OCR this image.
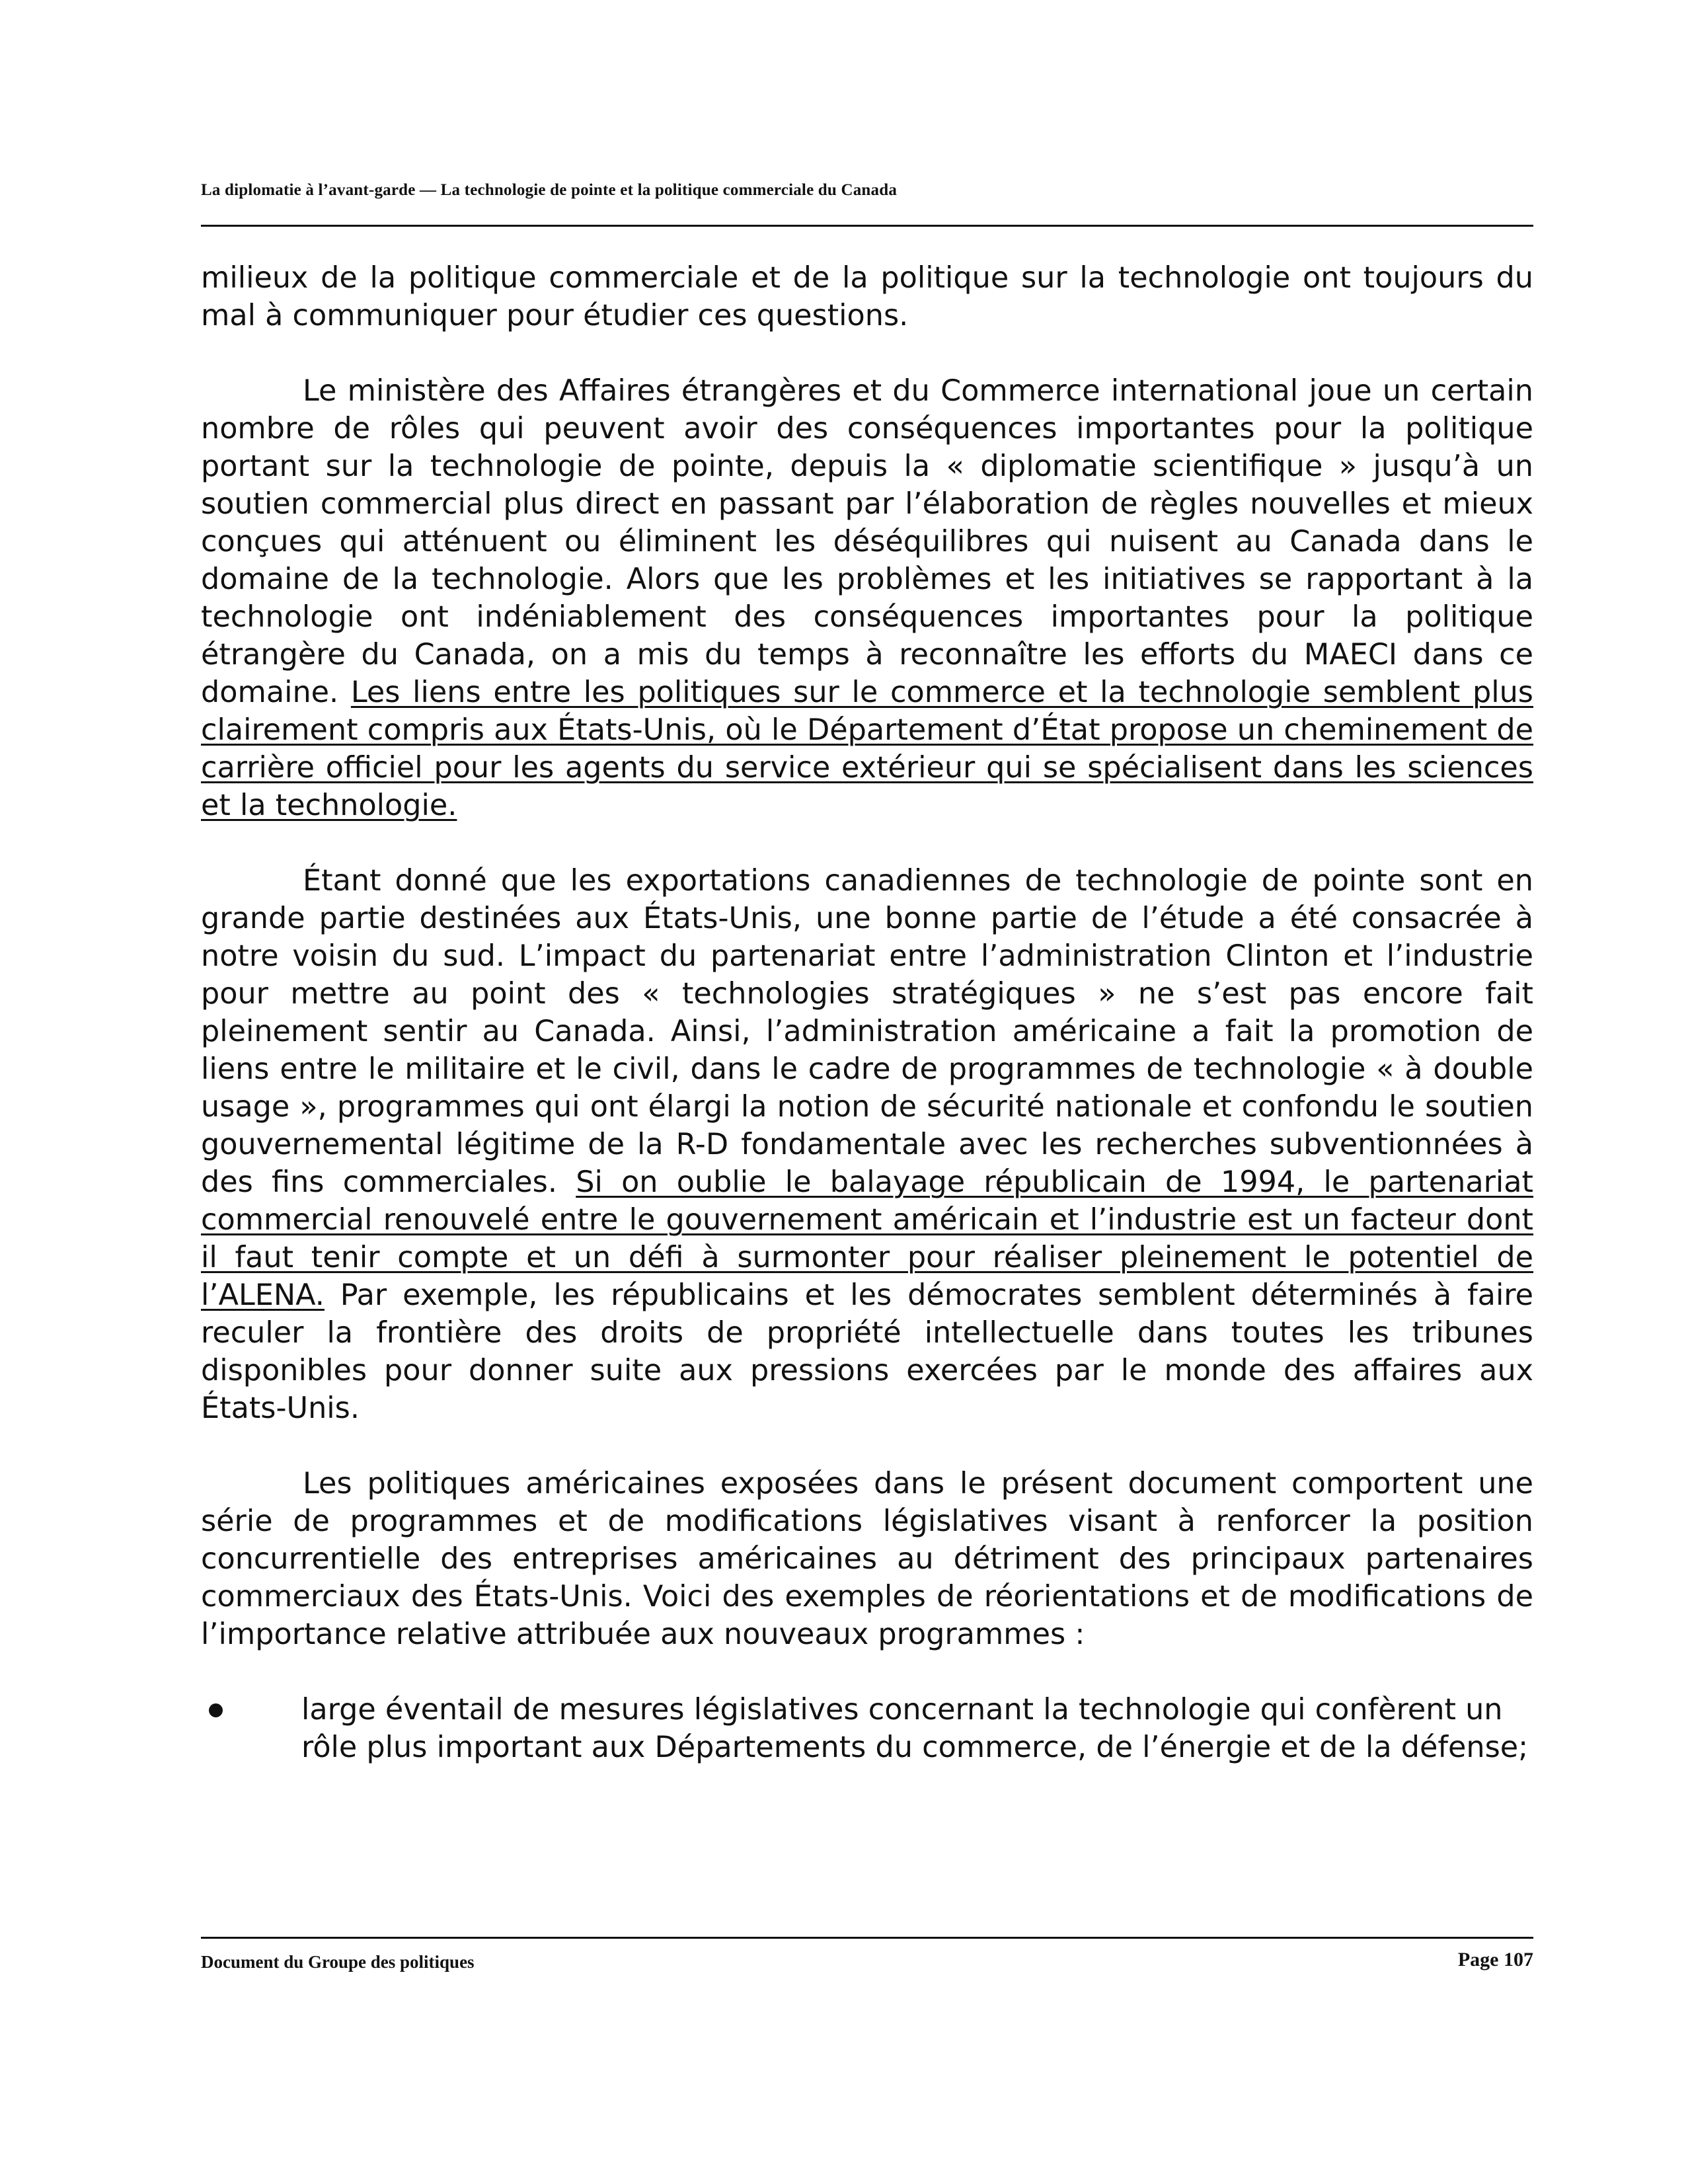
La diplomatie à l’avant-garde — La technologie de pointe et la politique commerciale du Canada

milieux de la politique commerciale et de la politique sur la technologie ont toujours du mal à communiquer pour étudier ces questions.

Le ministère des Affaires étrangères et du Commerce international joue un certain nombre de rôles qui peuvent avoir des conséquences importantes pour la politique portant sur la technologie de pointe, depuis la « diplomatie scientifique » jusqu’à un soutien commercial plus direct en passant par l’élaboration de règles nouvelles et mieux conçues qui atténuent ou éliminent les déséquilibres qui nuisent au Canada dans le domaine de la technologie. Alors que les problèmes et les initiatives se rapportant à la technologie ont indéniablement des conséquences importantes pour la politique étrangère du Canada, on a mis du temps à reconnaître les efforts du MAECI dans ce domaine. Les liens entre les politiques sur le commerce et la technologie semblent plus clairement compris aux États-Unis, où le Département d’État propose un cheminement de carrière officiel pour les agents du service extérieur qui se spécialisent dans les sciences et la technologie.

Étant donné que les exportations canadiennes de technologie de pointe sont en grande partie destinées aux États-Unis, une bonne partie de l’étude a été consacrée à notre voisin du sud. L’impact du partenariat entre l’administration Clinton et l’industrie pour mettre au point des « technologies stratégiques » ne s’est pas encore fait pleinement sentir au Canada. Ainsi, l’administration américaine a fait la promotion de liens entre le militaire et le civil, dans le cadre de programmes de technologie « à double usage », programmes qui ont élargi la notion de sécurité nationale et confondu le soutien gouvernemental légitime de la R-D fondamentale avec les recherches subventionnées à des fins commerciales. Si on oublie le balayage républicain de 1994, le partenariat commercial renouvelé entre le gouvernement américain et l’industrie est un facteur dont il faut tenir compte et un défi à surmonter pour réaliser pleinement le potentiel de l’ALENA. Par exemple, les républicains et les démocrates semblent déterminés à faire reculer la frontière des droits de propriété intellectuelle dans toutes les tribunes disponibles pour donner suite aux pressions exercées par le monde des affaires aux États-Unis.

Les politiques américaines exposées dans le présent document comportent une série de programmes et de modifications législatives visant à renforcer la position concurrentielle des entreprises américaines au détriment des principaux partenaires commerciaux des États-Unis. Voici des exemples de réorientations et de modifications de l’importance relative attribuée aux nouveaux programmes :

large éventail de mesures législatives concernant la technologie qui confèrent un rôle plus important aux Départements du commerce, de l’énergie et de la défense;
Document du Groupe des politiques	Page 107
